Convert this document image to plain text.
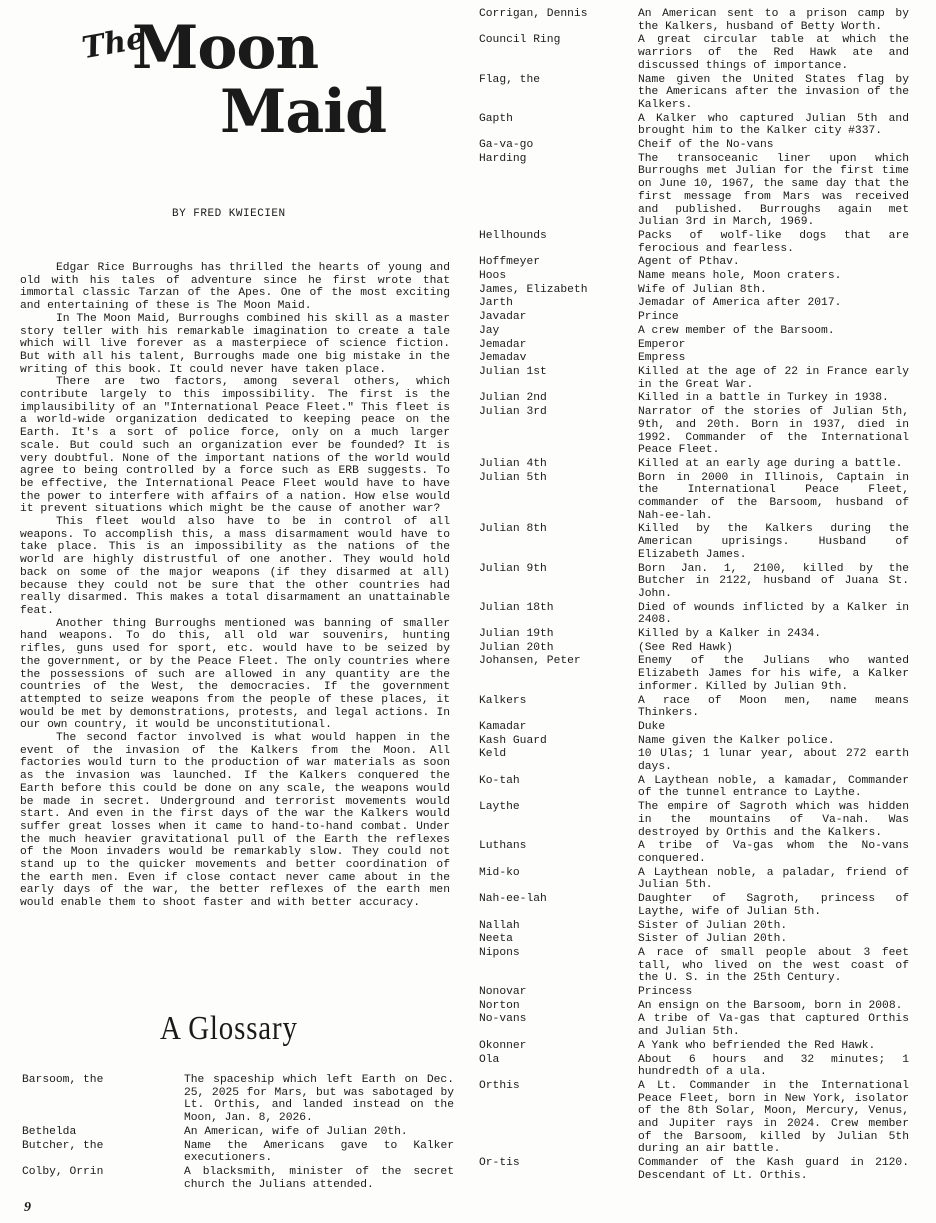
The
Moon
Maid
BY FRED KWIECIEN

Edgar Rice Burroughs has thrilled the hearts of young and old with his tales of adventure since he first wrote that immortal classic Tarzan of the Apes. One of the most exciting and entertaining of these is The Moon Maid.

In The Moon Maid, Burroughs combined his skill as a master story teller with his remarkable imagination to create a tale which will live forever as a masterpiece of science fiction. But with all his talent, Burroughs made one big mistake in the writing of this book. It could never have taken place.

There are two factors, among several others, which contribute largely to this impossibility. The first is the implausibility of an "International Peace Fleet." This fleet is a world-wide organization dedicated to keeping peace on the Earth. It's a sort of police force, only on a much larger scale. But could such an organization ever be founded? It is very doubtful. None of the important nations of the world would agree to being controlled by a force such as ERB suggests. To be effective, the International Peace Fleet would have to have the power to interfere with affairs of a nation. How else would it prevent situations which might be the cause of another war?

This fleet would also have to be in control of all weapons. To accomplish this, a mass disarmament would have to take place. This is an impossibility as the nations of the world are highly distrustful of one another. They would hold back on some of the major weapons (if they disarmed at all) because they could not be sure that the other countries had really disarmed. This makes a total disarmament an unattainable feat.

Another thing Burroughs mentioned was banning of smaller hand weapons. To do this, all old war souvenirs, hunting rifles, guns used for sport, etc. would have to be seized by the government, or by the Peace Fleet. The only countries where the possessions of such are allowed in any quantity are the countries of the West, the democracies. If the government attempted to seize weapons from the people of these places, it would be met by demonstrations, protests, and legal actions. In our own country, it would be unconstitutional.

The second factor involved is what would happen in the event of the invasion of the Kalkers from the Moon. All factories would turn to the production of war materials as soon as the invasion was launched. If the Kalkers conquered the Earth before this could be done on any scale, the weapons would be made in secret. Underground and terrorist movements would start. And even in the first days of the war the Kalkers would suffer great losses when it came to hand-to-hand combat. Under the much heavier gravitational pull of the Earth the reflexes of the Moon invaders would be remarkably slow. They could not stand up to the quicker movements and better coordination of the earth men. Even if close contact never came about in the early days of the war, the better reflexes of the earth men would enable them to shoot faster and with better accuracy.

A Glossary
Barsoom, the	The spaceship which left Earth on Dec. 25, 2025 for Mars, but was sabotaged by Lt. Orthis, and landed instead on the Moon, Jan. 8, 2026.
Bethelda	An American, wife of Julian 20th.
Butcher, the	Name the Americans gave to Kalker executioners.
Colby, Orrin	A blacksmith, minister of the secret church the Julians attended.
Corrigan, Dennis	An American sent to a prison camp by the Kalkers, husband of Betty Worth.
Council Ring	A great circular table at which the warriors of the Red Hawk ate and discussed things of importance.
Flag, the	Name given the United States flag by the Americans after the invasion of the Kalkers.
Gapth	A Kalker who captured Julian 5th and brought him to the Kalker city #337.
Ga-va-go	Cheif of the No-vans
Harding	The transoceanic liner upon which Burroughs met Julian for the first time on June 10, 1967, the same day that the first message from Mars was received and published. Burroughs again met Julian 3rd in March, 1969.
Hellhounds	Packs of wolf-like dogs that are ferocious and fearless.
Hoffmeyer	Agent of Pthav.
Hoos	Name means hole, Moon craters.
James, Elizabeth	Wife of Julian 8th.
Jarth	Jemadar of America after 2017.
Javadar	Prince
Jay	A crew member of the Barsoom.
Jemadar	Emperor
Jemadav	Empress
Julian 1st	Killed at the age of 22 in France early in the Great War.
Julian 2nd	Killed in a battle in Turkey in 1938.
Julian 3rd	Narrator of the stories of Julian 5th, 9th, and 20th. Born in 1937, died in 1992. Commander of the International Peace Fleet.
Julian 4th	Killed at an early age during a battle.
Julian 5th	Born in 2000 in Illinois, Captain in the International Peace Fleet, commander of the Barsoom, husband of Nah-ee-lah.
Julian 8th	Killed by the Kalkers during the American uprisings. Husband of Elizabeth James.
Julian 9th	Born Jan. 1, 2100, killed by the Butcher in 2122, husband of Juana St. John.
Julian 18th	Died of wounds inflicted by a Kalker in 2408.
Julian 19th	Killed by a Kalker in 2434.
Julian 20th	(See Red Hawk)
Johansen, Peter	Enemy of the Julians who wanted Elizabeth James for his wife, a Kalker informer. Killed by Julian 9th.
Kalkers	A race of Moon men, name means Thinkers.
Kamadar	Duke
Kash Guard	Name given the Kalker police.
Keld	10 Ulas; 1 lunar year, about 272 earth days.
Ko-tah	A Laythean noble, a kamadar, Commander of the tunnel entrance to Laythe.
Laythe	The empire of Sagroth which was hidden in the mountains of Va-nah. Was destroyed by Orthis and the Kalkers.
Luthans	A tribe of Va-gas whom the No-vans conquered.
Mid-ko	A Laythean noble, a paladar, friend of Julian 5th.
Nah-ee-lah	Daughter of Sagroth, princess of Laythe, wife of Julian 5th.
Nallah	Sister of Julian 20th.
Neeta	Sister of Julian 20th.
Nipons	A race of small people about 3 feet tall, who lived on the west coast of the U. S. in the 25th Century.
Nonovar	Princess
Norton	An ensign on the Barsoom, born in 2008.
No-vans	A tribe of Va-gas that captured Orthis and Julian 5th.
Okonner	A Yank who befriended the Red Hawk.
Ola	About 6 hours and 32 minutes; 1 hundredth of a ula.
Orthis	A Lt. Commander in the International Peace Fleet, born in New York, isolator of the 8th Solar, Moon, Mercury, Venus, and Jupiter rays in 2024. Crew member of the Barsoom, killed by Julian 5th during an air battle.
Or-tis	Commander of the Kash guard in 2120. Descendant of Lt. Orthis.
9
